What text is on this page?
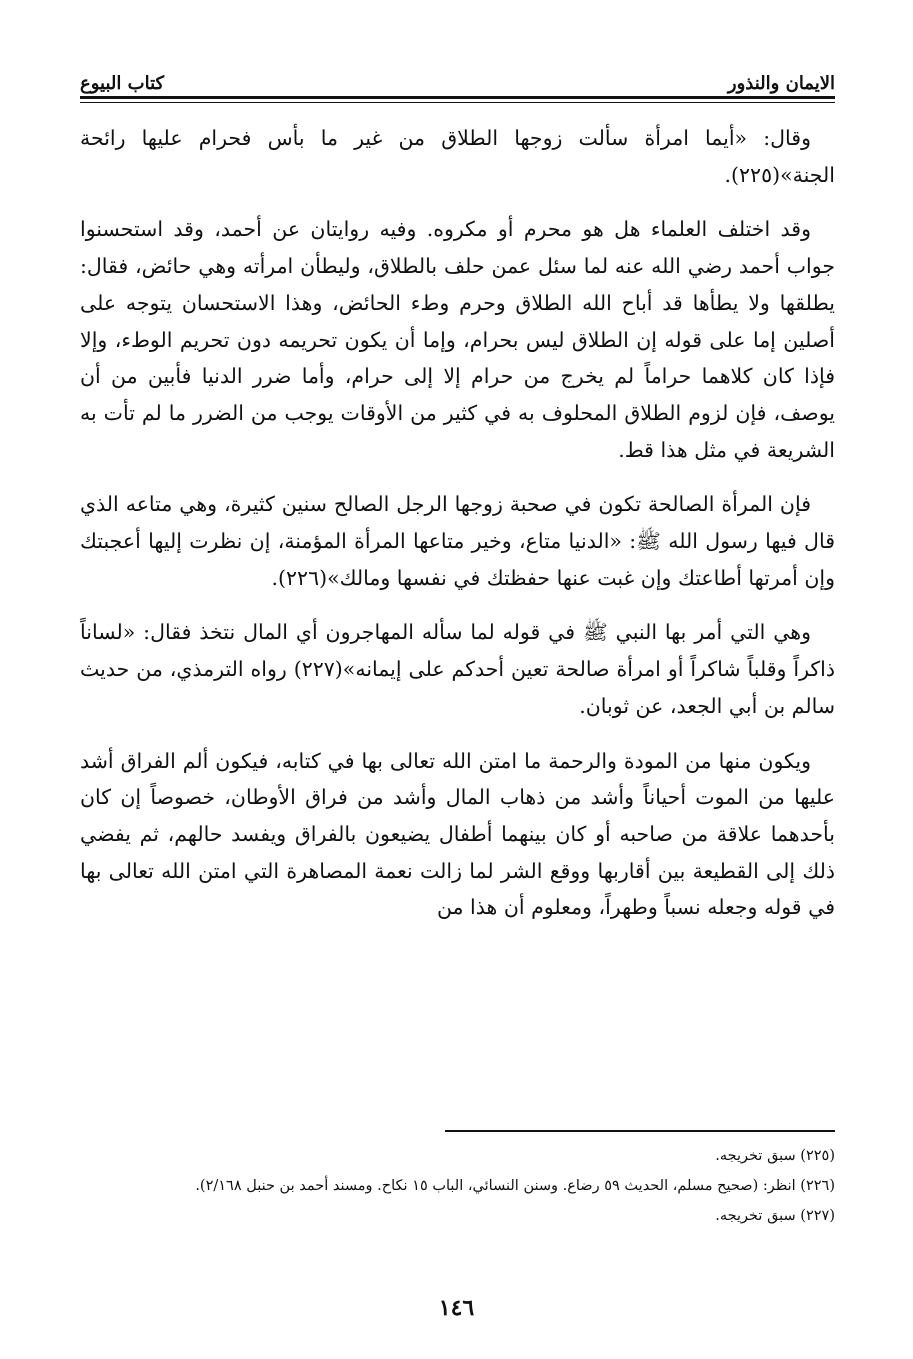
كتاب البيوع	الايمان والنذور

وقال: «أيما امرأة سألت زوجها الطلاق من غير ما بأس فحرام عليها رائحة الجنة»(٢٢٥).

وقد اختلف العلماء هل هو محرم أو مكروه. وفيه روايتان عن أحمد، وقد استحسنوا جواب أحمد رضي الله عنه لما سئل عمن حلف بالطلاق، وليطأن امرأته وهي حائض، فقال: يطلقها ولا يطأها قد أباح الله الطلاق وحرم وطء الحائض، وهذا الاستحسان يتوجه على أصلين إما على قوله إن الطلاق ليس بحرام، وإما أن يكون تحريمه دون تحريم الوطء، وإلا فإذا كان كلاهما حراماً لم يخرج من حرام إلا إلى حرام، وأما ضرر الدنيا فأبين من أن يوصف، فإن لزوم الطلاق المحلوف به في كثير من الأوقات يوجب من الضرر ما لم تأت به الشريعة في مثل هذا قط.

فإن المرأة الصالحة تكون في صحبة زوجها الرجل الصالح سنين كثيرة، وهي متاعه الذي قال فيها رسول الله ﷺ: «الدنيا متاع، وخير متاعها المرأة المؤمنة، إن نظرت إليها أعجبتك وإن أمرتها أطاعتك وإن غبت عنها حفظتك في نفسها ومالك»(٢٢٦).

وهي التي أمر بها النبي ﷺ في قوله لما سأله المهاجرون أي المال نتخذ فقال: «لساناً ذاكراً وقلباً شاكراً أو امرأة صالحة تعين أحدكم على إيمانه»(٢٢٧) رواه الترمذي، من حديث سالم بن أبي الجعد، عن ثوبان.

ويكون منها من المودة والرحمة ما امتن الله تعالى بها في كتابه، فيكون ألم الفراق أشد عليها من الموت أحياناً وأشد من ذهاب المال وأشد من فراق الأوطان، خصوصاً إن كان بأحدهما علاقة من صاحبه أو كان بينهما أطفال يضيعون بالفراق ويفسد حالهم، ثم يفضي ذلك إلى القطيعة بين أقاربها ووقع الشر لما زالت نعمة المصاهرة التي امتن الله تعالى بها في قوله وجعله نسباً وطهراً، ومعلوم أن هذا من

(٢٢٥) سبق تخريجه.

(٢٢٦) انظر: (صحيح مسلم، الحديث ٥٩ رضاع. وسنن النسائي، الباب ١٥ نكاح. ومسند أحمد بن حنبل ٢/١٦٨).

(٢٢٧) سبق تخريجه.

١٤٦
